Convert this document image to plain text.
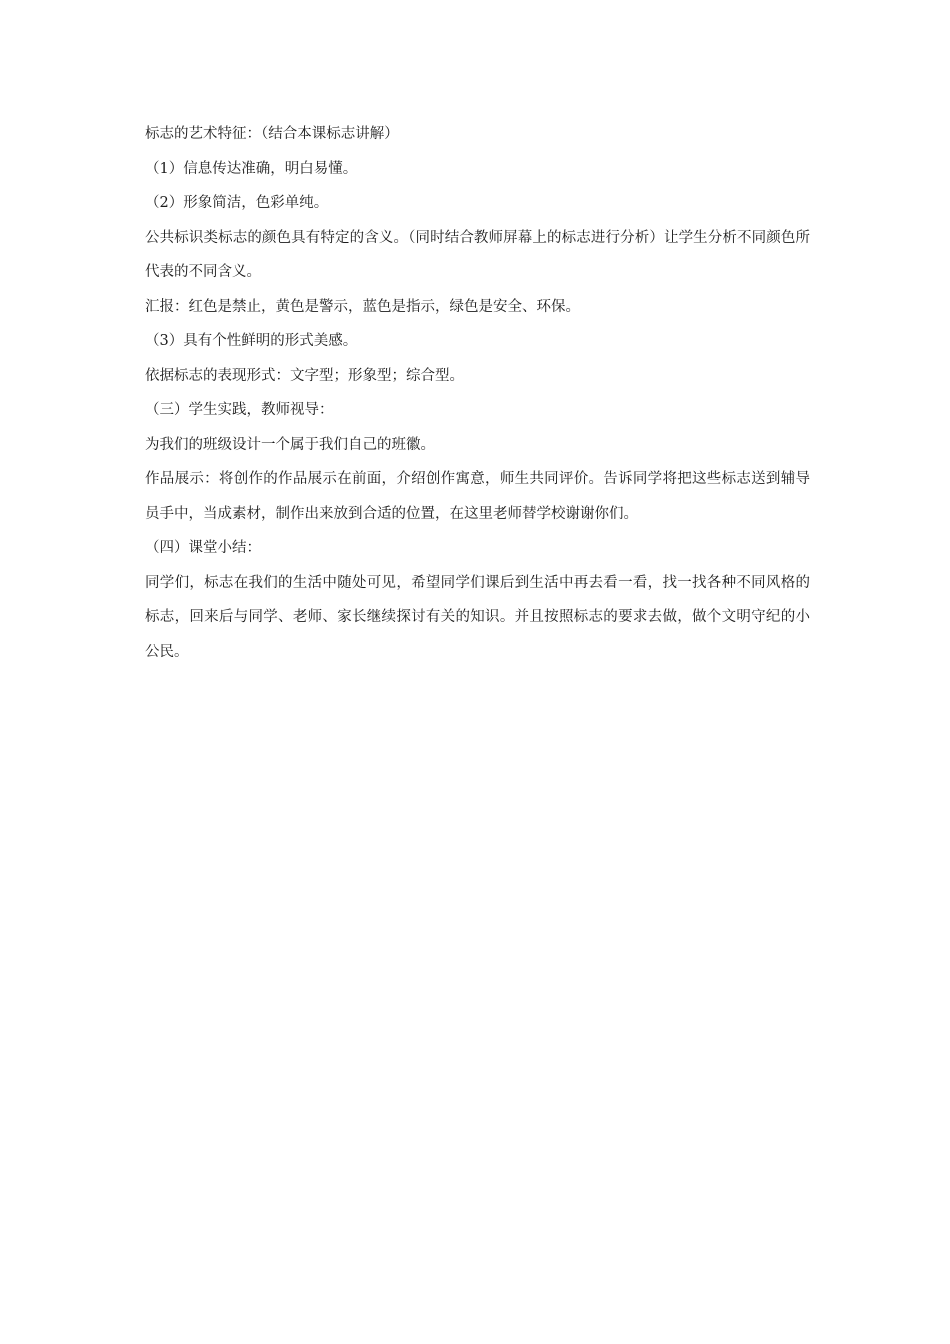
标志的艺术特征：（结合本课标志讲解）

（1）信息传达准确，明白易懂。

（2）形象简洁，色彩单纯。

公共标识类标志的颜色具有特定的含义。（同时结合教师屏幕上的标志进行分析）让学生分析不同颜色所代表的不同含义。

汇报：红色是禁止，黄色是警示，蓝色是指示，绿色是安全、环保。

（3）具有个性鲜明的形式美感。

依据标志的表现形式：文字型；形象型；综合型。

（三）学生实践，教师视导：

为我们的班级设计一个属于我们自己的班徽。

作品展示：将创作的作品展示在前面，介绍创作寓意，师生共同评价。告诉同学将把这些标志送到辅导员手中，当成素材，制作出来放到合适的位置，在这里老师替学校谢谢你们。

（四）课堂小结：

同学们，标志在我们的生活中随处可见，希望同学们课后到生活中再去看一看，找一找各种不同风格的标志，回来后与同学、老师、家长继续探讨有关的知识。并且按照标志的要求去做，做个文明守纪的小公民。
